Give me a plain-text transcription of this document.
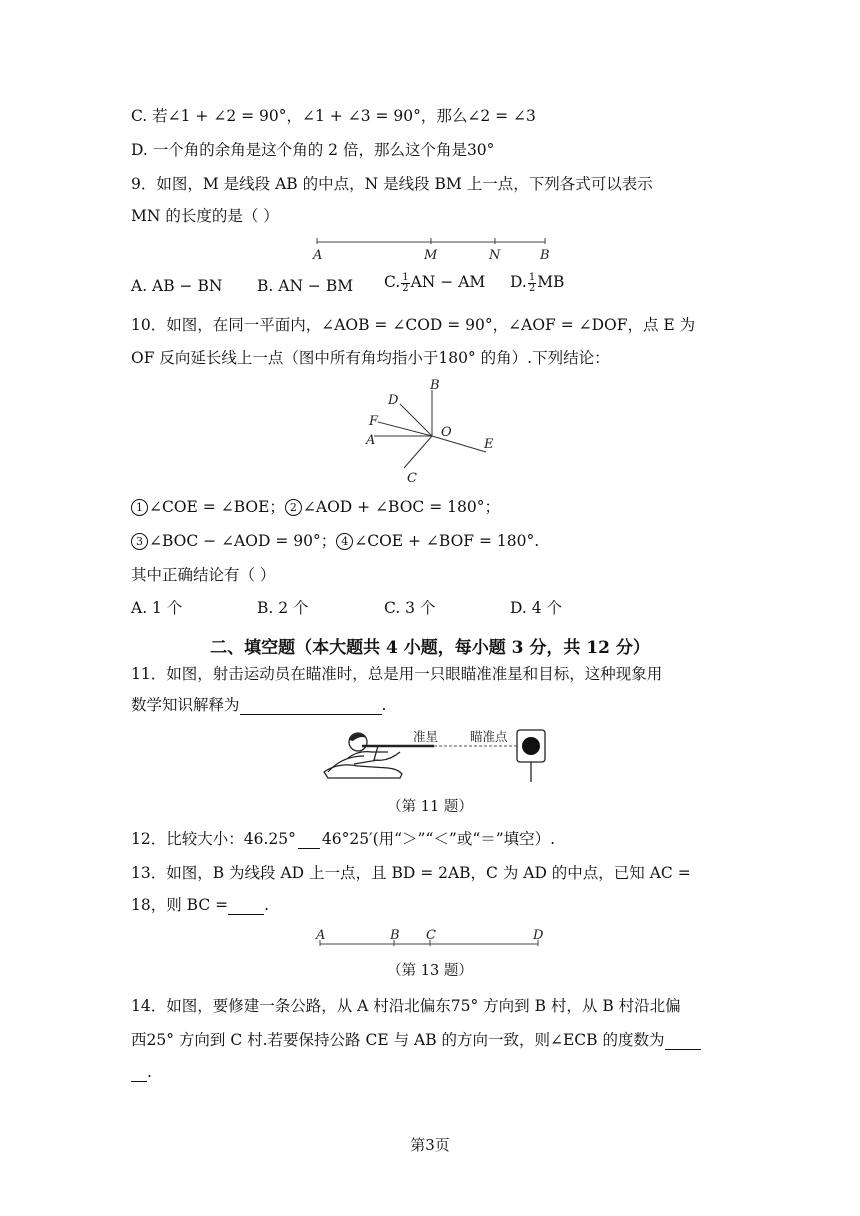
C. 若∠1 + ∠2 = 90°，∠1 + ∠3 = 90°，那么∠2 = ∠3
D. 一个角的余角是这个角的 2 倍，那么这个角是30°
9．如图，M 是线段 AB 的中点，N 是线段 BM 上一点，下列各式可以表示
MN 的长度的是（ ）
A	M	N	B
A. AB − BN B. AN − BM C. $\frac{1}{2}$ AN − AM D. $\frac{1}{2}$ MB
10．如图，在同一平面内，∠AOB = ∠COD = 90°，∠AOF = ∠DOF，点 E 为
OF 反向延长线上一点（图中所有角均指小于180° 的角）.下列结论：
B
D
F
A
O
E
C
1 ∠COE = ∠BOE； 2 ∠AOD + ∠BOC = 180°；
3 ∠BOC − ∠AOD = 90°； 4 ∠COE + ∠BOF = 180°.
其中正确结论有（ ）
A. 1 个	B. 2 个	C. 3 个	D. 4 个
二、填空题（本大题共 4 小题，每小题 3 分，共 12 分）
11．如图，射击运动员在瞄准时，总是用一只眼瞄准准星和目标，这种现象用
数学知识解释为	.
准星	瞄准点
（第 11 题）
12．比较大小：46.25° 46°25′(用“＞”“＜”或“＝”填空）.
13．如图，B 为线段 AD 上一点，且 BD = 2AB，C 为 AD 的中点，已知 AC =
18，则 BC = .
A	B C	D
（第 13 题）
14．如图，要修建一条公路，从 A 村沿北偏东75° 方向到 B 村，从 B 村沿北偏
西25° 方向到 C 村.若要保持公路 CE 与 AB 的方向一致，则∠ECB 的度数为
.
第3页
